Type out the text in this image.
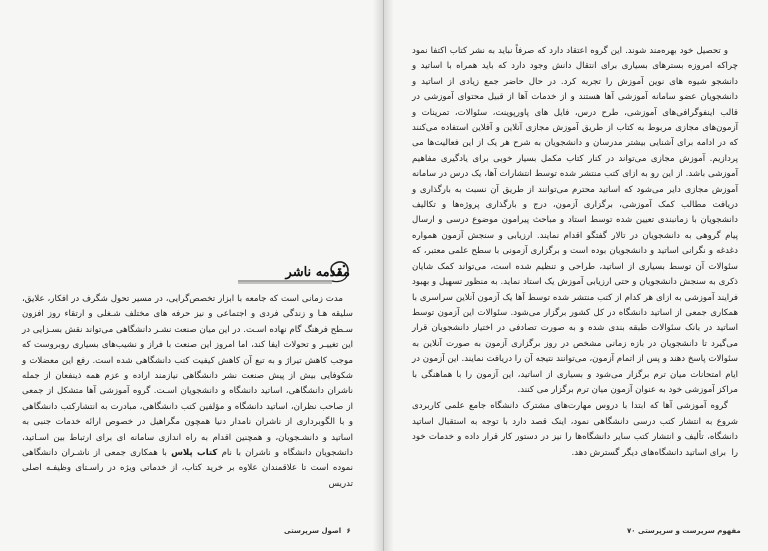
مقدمه ناشر

مدت زمانی است که جامعه با ابزار تخصص‌گرایی، در مسیر تحول شگرف در افکار، علایق، سلیقه هـا و زندگی فردی و اجتماعی و نیز حرفه های مختلف شـغلی و ارتقاء روز افزون سـطح فرهنگ گام نهاده اسـت. در ‌این میان صنعت نشـر دانشگاهی می‌تواند نقش بسـزایی در ‌این تغییـر و تحولات ایفا کند، اما امروز ‌این صنعت با فراز و نشیب‌های بسیاری روبروست که موجب کاهش تیراژ و به تبع آن کاهش کیفیت کتب دانشگاهی شده است. رفع ‌این معضلات و شکوفایی بیش از پیش صنعت نشر دانشگاهی نیازمند اراده و عزم همه ذینفعان از جمله ناشران دانشگاهی، اساتید دانشگاه و دانشجویان اسـت. گروه آموزشی آها متشکل از جمعی از صاحب نظران، اساتید دانشگاه و مؤلفین کتب دانشگاهی، مبادرت به انتشارکتب دانشگاهی و با الگوبرداری از ناشران نامدار دنیا همچون مگراهیل در خصوص ارائه خدمات جنبی به اساتید و دانشـجویان، و همچنین اقدام به راه اندازی سامانه ای برای ارتباط بین اسـاتید، دانشجویان دانشگاه و ناشران با نام کتاب پلاس با همکاری جمعی از ناشـران دانشگاهی نموده است تا علاقمندان علاوه بر خرید کتاب، از خدماتی ویژه در راسـتای وظیفـه اصلی تدریس

۶ اصول سرپرستی

و تحصیل خود بهره‌مند شوند. ‌این گروه اعتقاد دارد که صرفاً نباید به نشر کتاب اکتفا نمود چراکه امروزه بسترهای بسیاری برای انتقال دانش وجود دارد که باید همراه با اساتید و دانشجو شیوه های نوین آموزش را تجربه کرد. در حال حاضر جمع زیادی از اساتید و دانشجویان عضو سامانه آموزشی آها هستند و از خدمات آها از قبیل محتوای آموزشی در قالب ‌اینفوگرافی‌های آموزشی، طرح درس، فایل های پاورپوینت، سئوالات، تمرینات و آزمون‌های مجازی مربوط به کتاب از طریق آموزش مجازی آنلاین و آفلاین استفاده می‌کنند که در ادامه برای آشنایی بیشتر مدرسان و دانشجویان به شرح هر یک از ‌این فعالیت‌ها می پردازیم. آموزش مجازی می‌تواند در کنار کتاب مکمل بسیار خوبی برای یادگیری مفاهیم آموزشی باشد. از ‌این رو به ازای کتب منتشر شده توسط انتشارات آها، یک درس در سامانه آموزش مجازی دایر می‌شود که اساتید محترم می‌توانند از طریق آن نسبت به بارگذاری و دریافت مطالب کمک آموزشی، برگزاری آزمون، درج و بارگذاری ‌پروژه‌ها و تکالیف دانشجویان با زمانبندی تعیین شده توسط استاد و مباحث پیرامون موضوع درسی و ارسال پیام گروهی به دانشجویان در تالار گفتگو اقدام نمایند. ارزیابی و سنجش آزمون همواره دغدغه و نگرانی اساتید و دانشجویان بوده است و برگزاری آزمونی با سطح علمی معتبر، که سئوالات آن توسط بسیاری از اساتید، طراحی و تنظیم شده است، می‌تواند کمک شایان ذکری به سنجش دانشجویان و حتی ارزیابی آموزش یک استاد نماید. به منظور تسهیل و بهبود فرایند آموزشی به ازای هر کدام از کتب منتشر شده توسط آها یک آزمون آنلاین سراسری با همکاری جمعی از اساتید دانشگاه در کل کشور برگزار می‌شود. سئوالات ‌این آزمون توسط اساتید در بانک سئوالات طبقه بندی شده و به صورت تصادفی در اختیار دانشجویان قرار می‌گیرد تا دانشجویان در بازه زمانی مشخص در روز برگزاری آزمون به صورت آنلاین به سئوالات پاسخ دهند و پس از اتمام آزمون، می‌توانند نتیجه آن را دریافت نمایند. ‌این آزمون در ایام امتحانات میان ترم برگزار می‌شود و بسیاری از اساتید، ‌این آزمون را با هماهنگی با مراکز آموزشی خود به عنوان آزمون میان ترم برگزار می کنند.

گروه آموزشی آها که ابتدا با دروس مهارت‌های مشترک دانشگاه جامع علمی کاربردی شروع به انتشار کتب درسی دانشگاهی نمود، اینک قصد دارد با توجه به استقبال اساتید دانشگاه، تألیف و انتشار کتب سایر دانشگاه‌ها را نیز در دستور کار قرار داده و خدمات خود را ‌ برای اساتید دانشگاه‌های دیگر گسترش دهد.

مفهوم سرپرست و سرپرستی ۷۰
